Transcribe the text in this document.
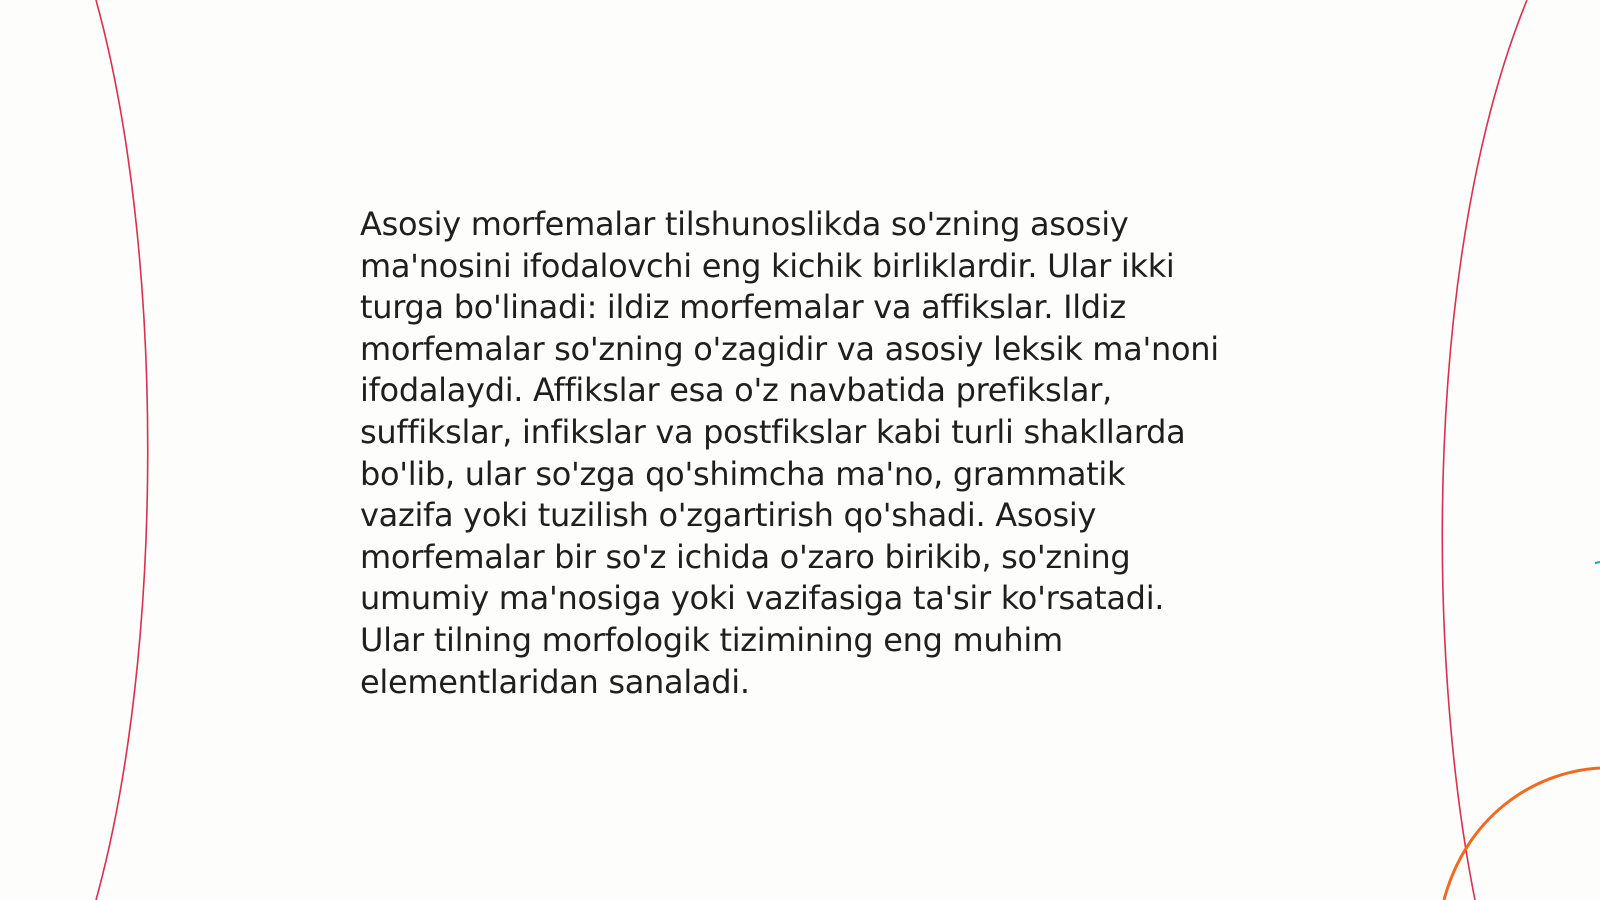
Asosiy morfemalar tilshunoslikda so'zning asosiy ma'nosini ifodalovchi eng kichik birliklardir. Ular ikki turga bo'linadi: ildiz morfemalar va affikslar. Ildiz morfemalar so'zning o'zagidir va asosiy leksik ma'noni ifodalaydi. Affikslar esa o'z navbatida prefikslar, suffikslar, infikslar va postfikslar kabi turli shakllarda bo'lib, ular so'zga qo'shimcha ma'no, grammatik vazifa yoki tuzilish o'zgartirish qo'shadi. Asosiy morfemalar bir so'z ichida o'zaro birikib, so'zning umumiy ma'nosiga yoki vazifasiga ta'sir ko'rsatadi. Ular tilning morfologik tizimining eng muhim elementlaridan sanaladi.
